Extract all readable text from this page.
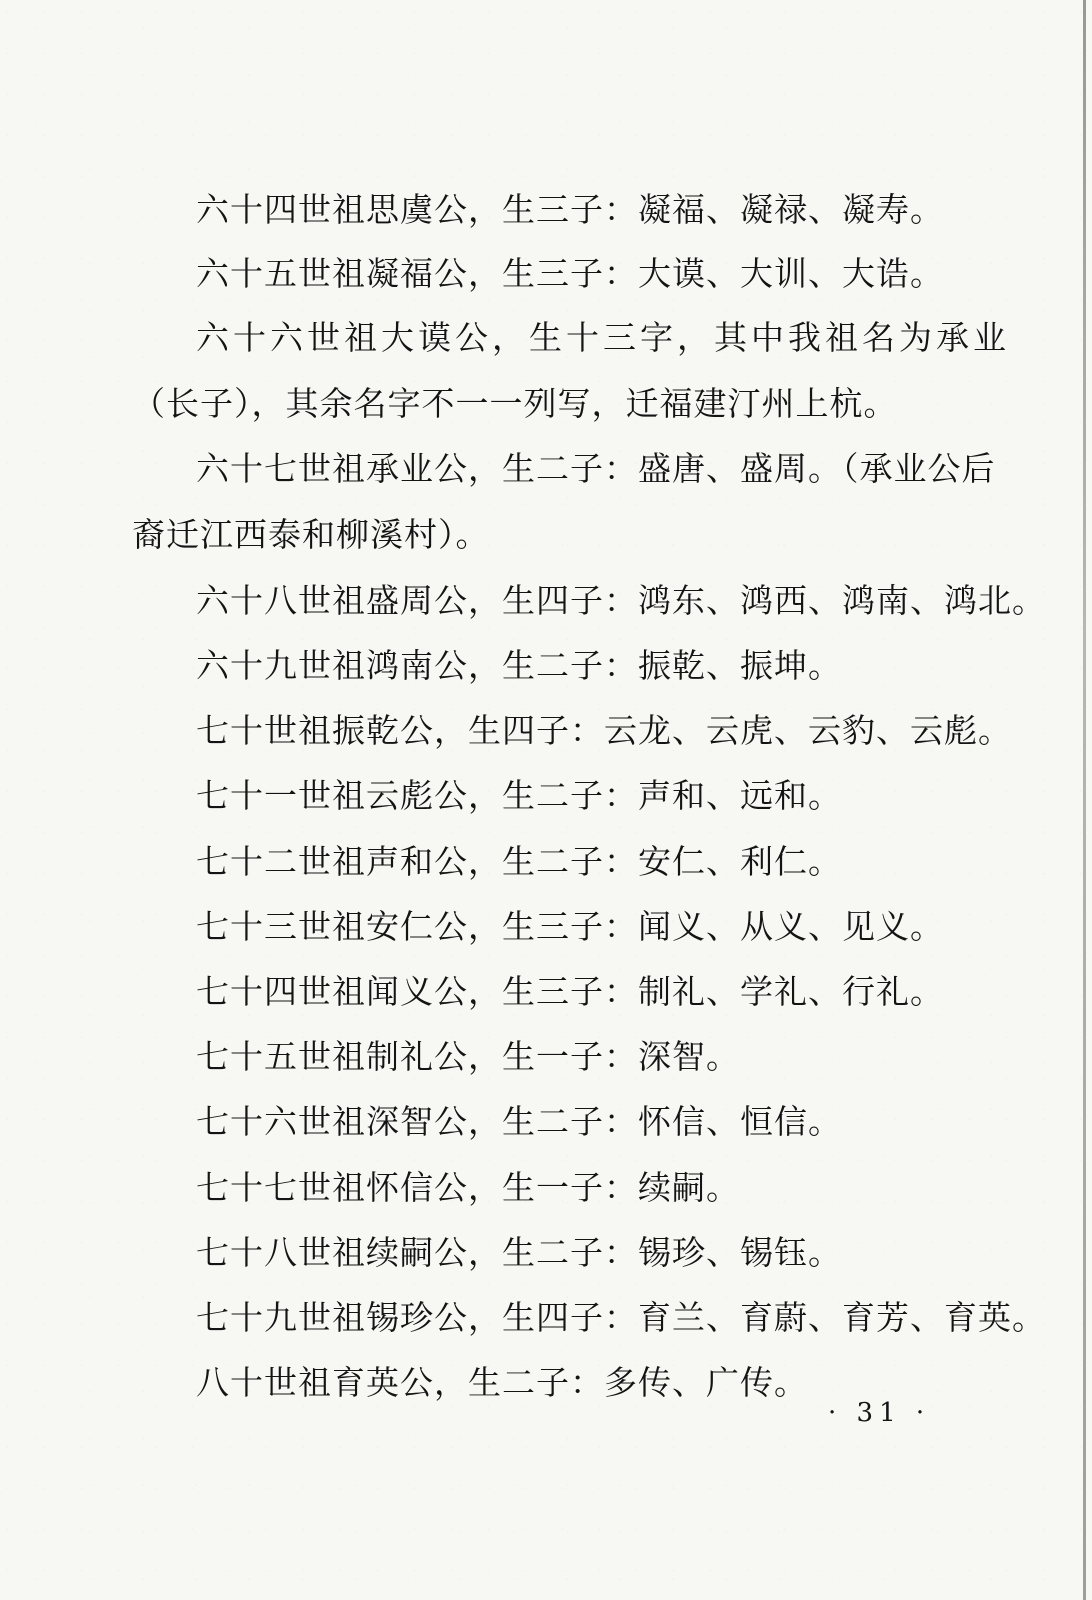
六十四世祖思虞公，生三子：凝福、凝禄、凝寿。
六十五世祖凝福公，生三子：大谟、大训、大诰。
六十六世祖大谟公，生十三字，其中我祖名为承业
（长子），其余名字不一一列写，迁福建汀州上杭。
六十七世祖承业公，生二子：盛唐、盛周。（承业公后
裔迁江西泰和柳溪村）。
六十八世祖盛周公，生四子：鸿东、鸿西、鸿南、鸿北。
六十九世祖鸿南公，生二子：振乾、振坤。
七十世祖振乾公，生四子：云龙、云虎、云豹、云彪。
七十一世祖云彪公，生二子：声和、远和。
七十二世祖声和公，生二子：安仁、利仁。
七十三世祖安仁公，生三子：闻义、从义、见义。
七十四世祖闻义公，生三子：制礼、学礼、行礼。
七十五世祖制礼公，生一子：深智。
七十六世祖深智公，生二子：怀信、恒信。
七十七世祖怀信公，生一子：续嗣。
七十八世祖续嗣公，生二子：锡珍、锡钰。
七十九世祖锡珍公，生四子：育兰、育蔚、育芳、育英。
八十世祖育英公，生二子：多传、广传。
· 31 ·
